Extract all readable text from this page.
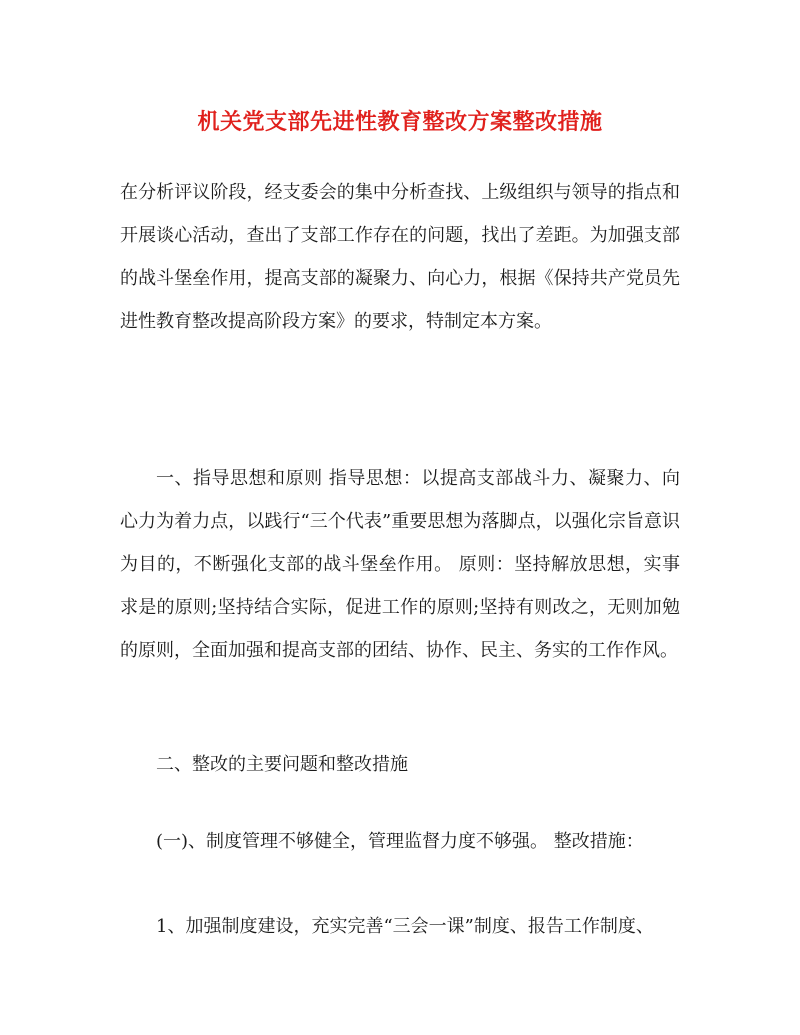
机关党支部先进性教育整改方案整改措施
在分析评议阶段，经支委会的集中分析查找、上级组织与领导的指点和开展谈心活动，查出了支部工作存在的问题，找出了差距。为加强支部的战斗堡垒作用，提高支部的凝聚力、向心力，根据《保持共产党员先进性教育整改提高阶段方案》的要求，特制定本方案。
一、指导思想和原则 指导思想：以提高支部战斗力、凝聚力、向心力为着力点，以践行“三个代表”重要思想为落脚点，以强化宗旨意识为目的，不断强化支部的战斗堡垒作用。 原则：坚持解放思想，实事求是的原则;坚持结合实际，促进工作的原则;坚持有则改之，无则加勉的原则，全面加强和提高支部的团结、协作、民主、务实的工作作风。
二、整改的主要问题和整改措施
(一)、制度管理不够健全，管理监督力度不够强。 整改措施：
1、加强制度建设，充实完善“三会一课”制度、报告工作制度、
